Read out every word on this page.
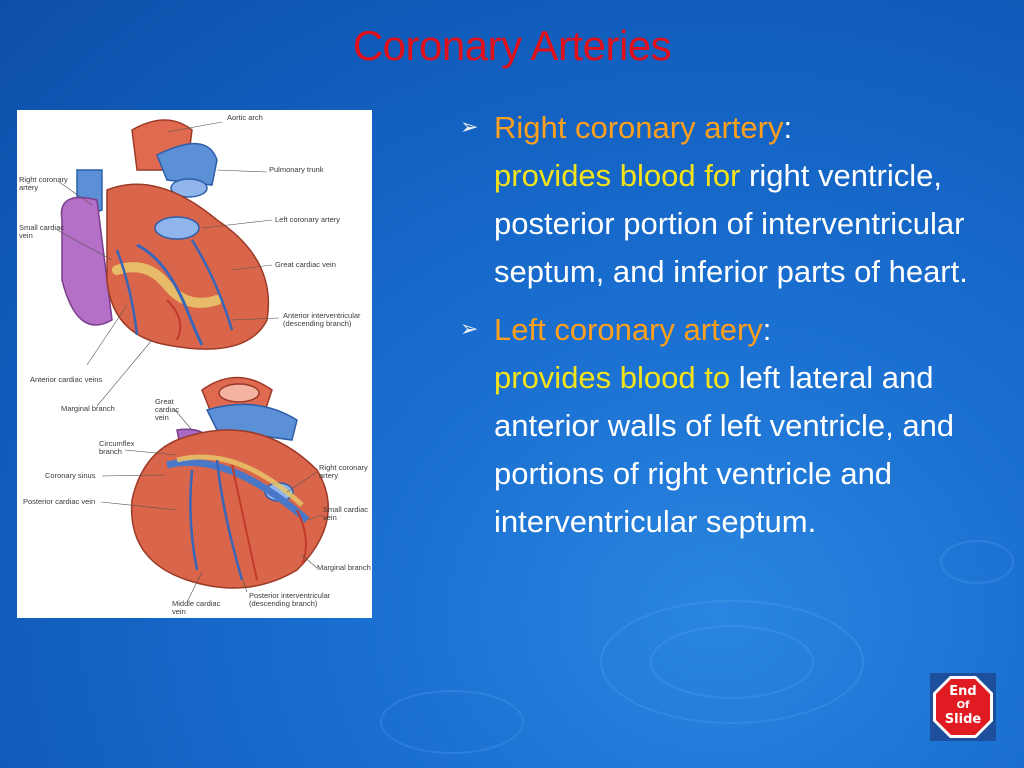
Coronary Arteries
Aortic arch
Pulmonary trunk
Right coronary
artery
Left coronary artery
Small cardiac
vein
Great cardiac vein
Anterior interventricular
(descending branch)
Anterior cardiac veins
Marginal branch
Great
cardiac
vein
Circumflex
branch
Coronary sinus
Posterior cardiac vein
Right coronary
artery
Small cardiac
vein
Marginal branch
Posterior interventricular
(descending branch)
Middle cardiac
vein
➢ Right coronary artery:
provides blood for right ventricle, posterior portion of interventricular septum, and inferior parts of heart.
➢ Left coronary artery:
provides blood to left lateral and anterior walls of left ventricle, and portions of right ventricle and interventricular septum.
End
Of
Slide
